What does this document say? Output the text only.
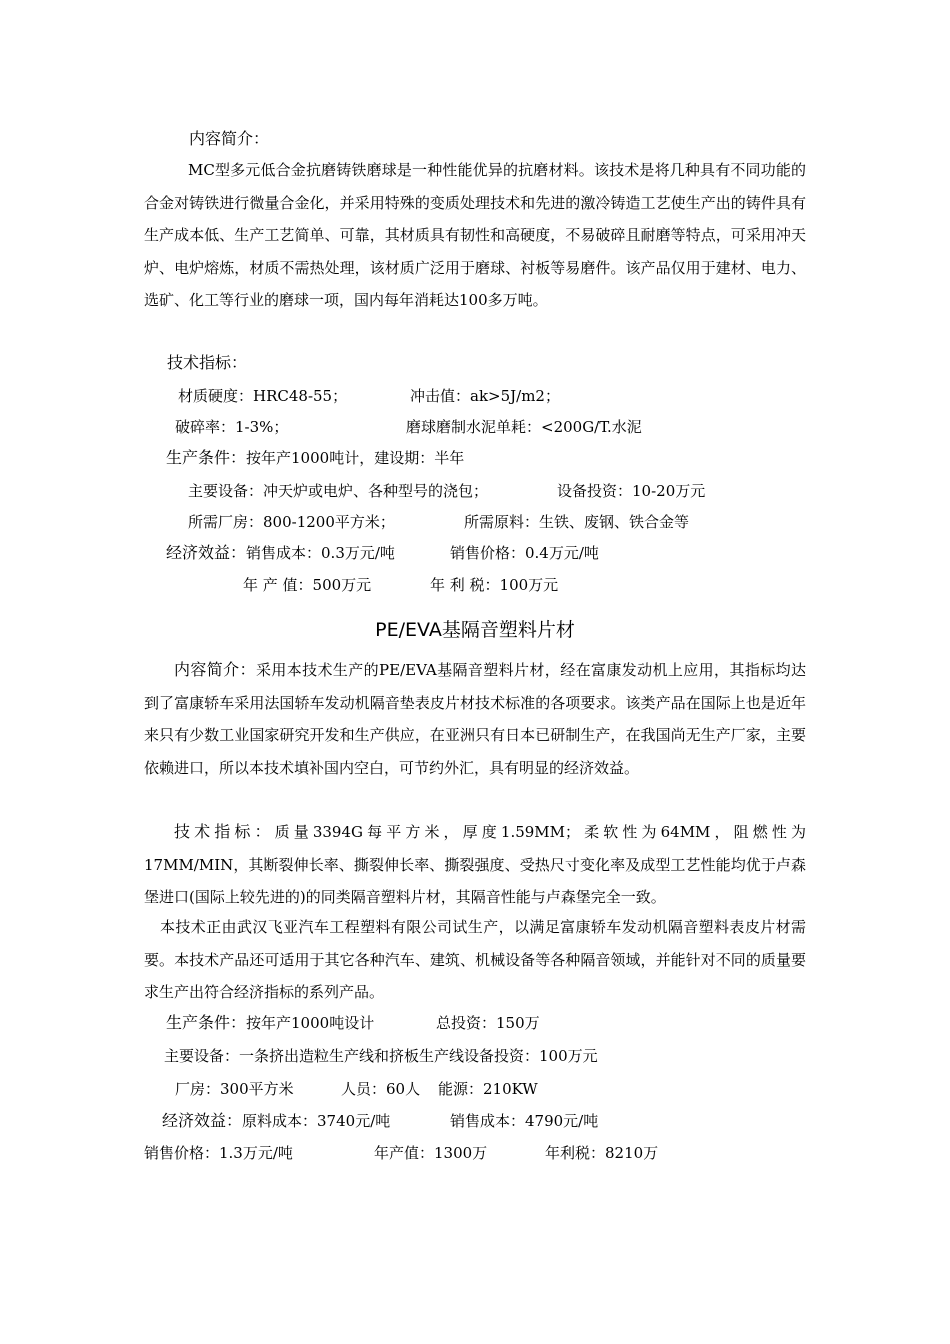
内容简介：
MC型多元低合金抗磨铸铁磨球是一种性能优异的抗磨材料。该技术是将几种具有不同功能的合金对铸铁进行微量合金化，并采用特殊的变质处理技术和先进的激冷铸造工艺使生产出的铸件具有生产成本低、生产工艺简单、可靠，其材质具有韧性和高硬度，不易破碎且耐磨等特点，可采用冲天炉、电炉熔炼，材质不需热处理，该材质广泛用于磨球、衬板等易磨件。该产品仅用于建材、电力、选矿、化工等行业的磨球一项，国内每年消耗达100多万吨。
技术指标：
材质硬度：HRC48-55；	冲击值：ak>5J/m2；
破碎率：1-3%；	磨球磨制水泥单耗：<200G/T.水泥
生产条件：按年产1000吨计，建设期：半年
主要设备：冲天炉或电炉、各种型号的浇包；	设备投资：10-20万元
所需厂房：800-1200平方米；	所需原料：生铁、废钢、铁合金等
经济效益：销售成本：0.3万元/吨	销售价格：0.4万元/吨
年 产 值：500万元	年 利 税：100万元
PE/EVA基隔音塑料片材
内容简介：采用本技术生产的PE/EVA基隔音塑料片材，经在富康发动机上应用，其指标均达到了富康轿车采用法国轿车发动机隔音垫表皮片材技术标准的各项要求。该类产品在国际上也是近年来只有少数工业国家研究开发和生产供应，在亚洲只有日本已研制生产，在我国尚无生产厂家，主要依赖进口，所以本技术填补国内空白，可节约外汇，具有明显的经济效益。
技术指标：质量3394G每平方米，厚度1.59MM；柔软性为64MM，阻燃性为17MM/MIN，其断裂伸长率、撕裂伸长率、撕裂强度、受热尺寸变化率及成型工艺性能均优于卢森堡进口(国际上较先进的)的同类隔音塑料片材，其隔音性能与卢森堡完全一致。
本技术正由武汉飞亚汽车工程塑料有限公司试生产，以满足富康轿车发动机隔音塑料表皮片材需要。本技术产品还可适用于其它各种汽车、建筑、机械设备等各种隔音领域，并能针对不同的质量要求生产出符合经济指标的系列产品。
生产条件：按年产1000吨设计	总投资：150万
主要设备：一条挤出造粒生产线和挤板生产线设备投资：100万元
厂房：300平方米	人员：60人 能源：210KW
经济效益：原料成本：3740元/吨	销售成本：4790元/吨
销售价格：1.3万元/吨	年产值：1300万	年利税：8210万
